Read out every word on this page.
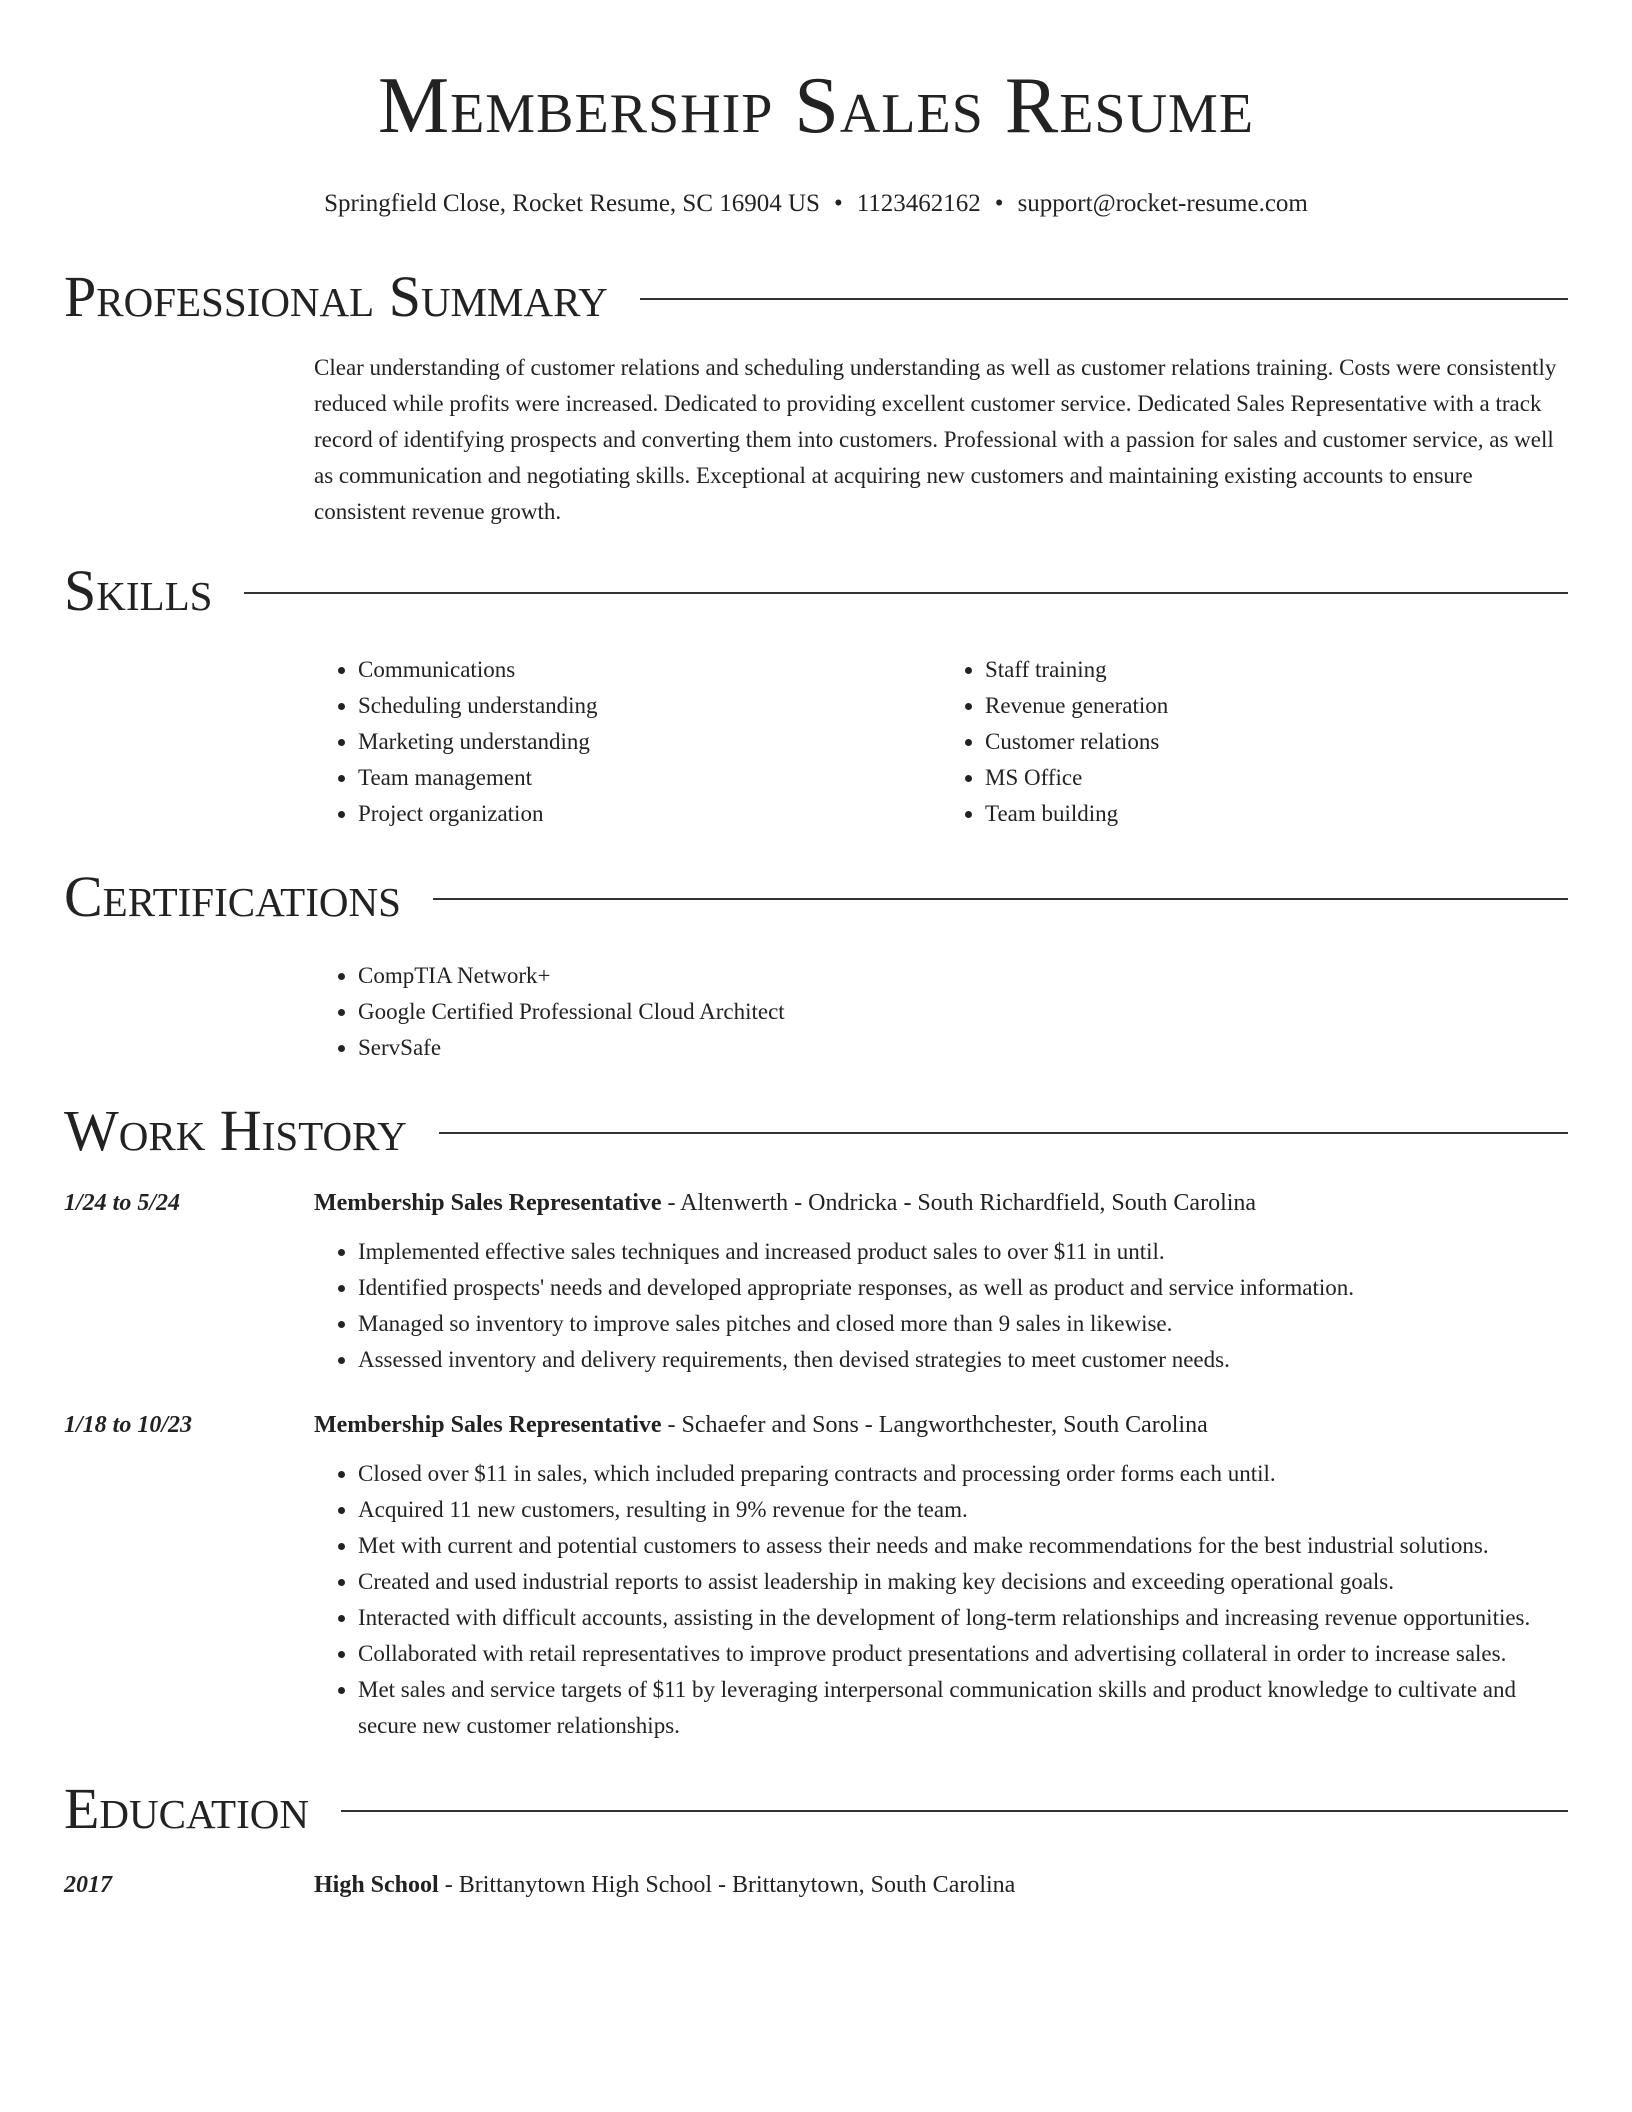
Membership Sales Resume
Springfield Close, Rocket Resume, SC 16904 US • 1123462162 • support@rocket-resume.com
Professional Summary
Clear understanding of customer relations and scheduling understanding as well as customer relations training. Costs were consistently reduced while profits were increased. Dedicated to providing excellent customer service. Dedicated Sales Representative with a track record of identifying prospects and converting them into customers. Professional with a passion for sales and customer service, as well as communication and negotiating skills. Exceptional at acquiring new customers and maintaining existing accounts to ensure consistent revenue growth.
Skills
• Communications
• Scheduling understanding
• Marketing understanding
• Team management
• Project organization
• Staff training
• Revenue generation
• Customer relations
• MS Office
• Team building
Certifications
• CompTIA Network+
• Google Certified Professional Cloud Architect
• ServSafe
Work History
1/24 to 5/24	Membership Sales Representative - Altenwerth - Ondricka - South Richardfield, South Carolina
• Implemented effective sales techniques and increased product sales to over $11 in until.
• Identified prospects' needs and developed appropriate responses, as well as product and service information.
• Managed so inventory to improve sales pitches and closed more than 9 sales in likewise.
• Assessed inventory and delivery requirements, then devised strategies to meet customer needs.
1/18 to 10/23	Membership Sales Representative - Schaefer and Sons - Langworthchester, South Carolina
• Closed over $11 in sales, which included preparing contracts and processing order forms each until.
• Acquired 11 new customers, resulting in 9% revenue for the team.
• Met with current and potential customers to assess their needs and make recommendations for the best industrial solutions.
• Created and used industrial reports to assist leadership in making key decisions and exceeding operational goals.
• Interacted with difficult accounts, assisting in the development of long-term relationships and increasing revenue opportunities.
• Collaborated with retail representatives to improve product presentations and advertising collateral in order to increase sales.
• Met sales and service targets of $11 by leveraging interpersonal communication skills and product knowledge to cultivate and secure new customer relationships.
Education
2017	High School - Brittanytown High School - Brittanytown, South Carolina
